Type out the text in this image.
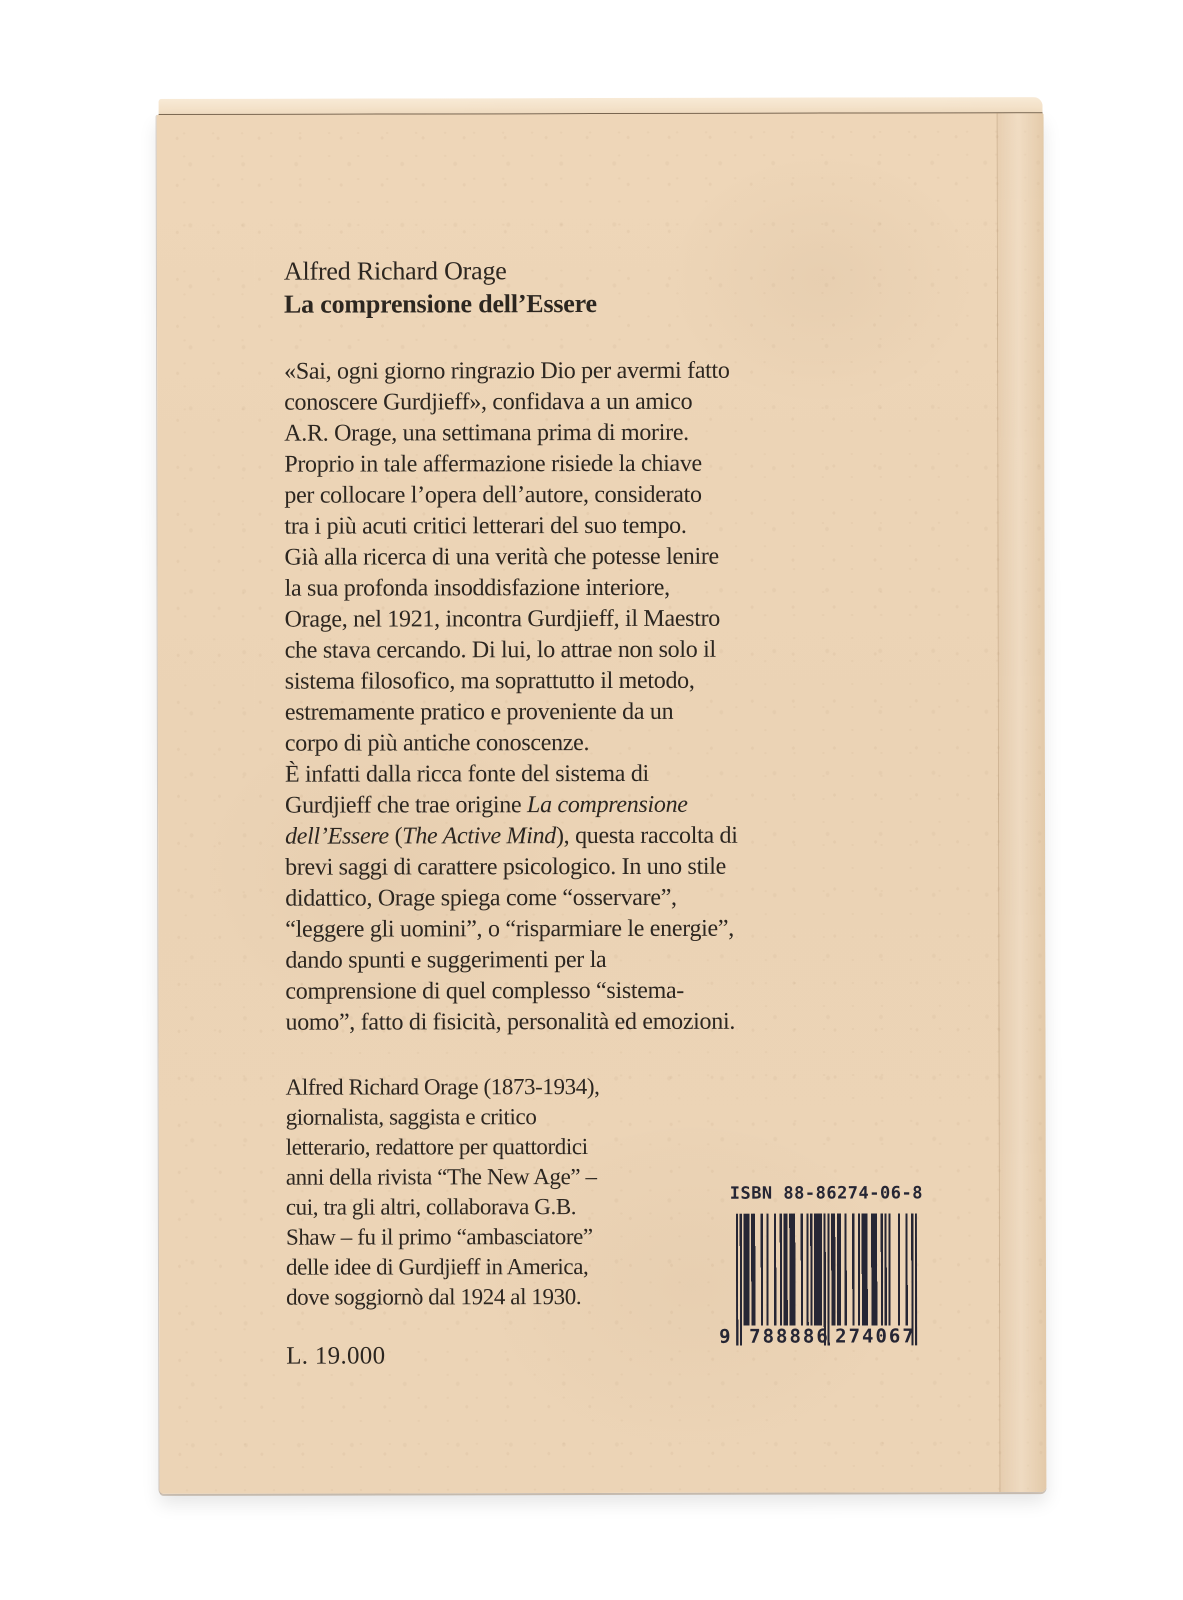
Alfred Richard Orage
La comprensione dell’Essere
«Sai, ogni giorno ringrazio Dio per avermi fatto
conoscere Gurdjieff», confidava a un amico
A.R. Orage, una settimana prima di morire.
Proprio in tale affermazione risiede la chiave
per collocare l’opera dell’autore, considerato
tra i più acuti critici letterari del suo tempo.
Già alla ricerca di una verità che potesse lenire
la sua profonda insoddisfazione interiore,
Orage, nel 1921, incontra Gurdjieff, il Maestro
che stava cercando. Di lui, lo attrae non solo il
sistema filosofico, ma soprattutto il metodo,
estremamente pratico e proveniente da un
corpo di più antiche conoscenze.
È infatti dalla ricca fonte del sistema di
Gurdjieff che trae origine La comprensione
dell’Essere (The Active Mind), questa raccolta di
brevi saggi di carattere psicologico. In uno stile
didattico, Orage spiega come “osservare”,
“leggere gli uomini”, o “risparmiare le energie”,
dando spunti e suggerimenti per la
comprensione di quel complesso “sistema-
uomo”, fatto di fisicità, personalità ed emozioni.
Alfred Richard Orage (1873-1934),
giornalista, saggista e critico
letterario, redattore per quattordici
anni della rivista “The New Age” –
cui, tra gli altri, collaborava G.B.
Shaw – fu il primo “ambasciatore”
delle idee di Gurdjieff in America,
dove soggiornò dal 1924 al 1930.
L. 19.000
ISBN 88-86274-06-8
9 788886 274067
